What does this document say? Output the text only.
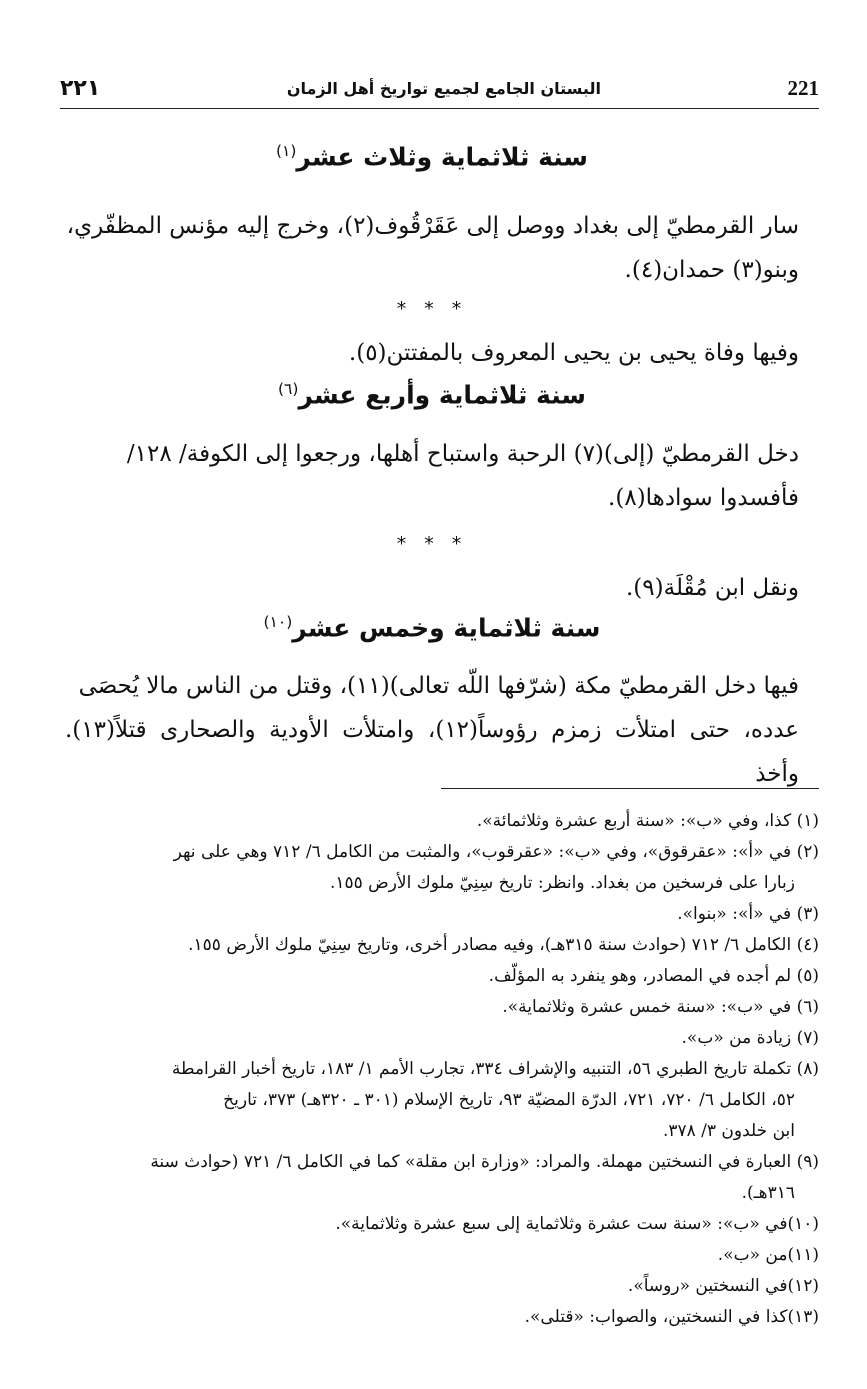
٢٢١	البستان الجامع لجميع تواريخ أهل الزمان	221
سنة ثلاثماية وثلاث عشر$^{(١)}$
سار القرمطيّ إلى بغداد ووصل إلى عَقَرْقُوف(٢)، وخرج إليه مؤنس المظفّري،
وبنو(٣) حمدان(٤).
* * *
وفيها وفاة يحيى بن يحيى المعروف بالمفتتن(٥).
سنة ثلاثماية وأربع عشر$^{(٦)}$
دخل القرمطيّ (إلى)(٧) الرحبة واستباح أهلها، ورجعوا إلى الكوفة/ ١٢٨/
فأفسدوا سوادها(٨).
* * *
ونقل ابن مُقْلَة(٩).
سنة ثلاثماية وخمس عشر$^{(١٠)}$
فيها دخل القرمطيّ مكة (شرّفها اللّه تعالى)(١١)، وقتل من الناس مالا يُحصَى
عدده، حتى امتلأت زمزم رؤوساً(١٢)، وامتلأت الأودية والصحارى قتلاً(١٣). وأخذ
(١) كذا، وفي «ب»: «سنة أربع عشرة وثلاثمائة».
(٢) في «أ»: «عقرقوق»، وفي «ب»: «عقرقوب»، والمثبت من الكامل ٦/ ٧١٢ وهي على نهر
زبارا على فرسخين من بغداد. وانظر: تاريخ سِنِيّ ملوك الأرض ١٥٥.
(٣) في «أ»: «بنوا».
(٤) الكامل ٦/ ٧١٢ (حوادث سنة ٣١٥هـ)، وفيه مصادر أخرى، وتاريخ سِنِيّ ملوك الأرض ١٥٥.
(٥) لم أجده في المصادر، وهو ينفرد به المؤلّف.
(٦) في «ب»: «سنة خمس عشرة وثلاثماية».
(٧) زيادة من «ب».
(٨) تكملة تاريخ الطبري ٥٦، التنبيه والإشراف ٣٣٤، تجارب الأمم ١/ ١٨٣، تاريخ أخبار القرامطة
٥٢، الكامل ٦/ ٧٢٠، ٧٢١، الدرّة المضيّة ٩٣، تاريخ الإسلام (٣٠١ ـ ٣٢٠هـ) ٣٧٣، تاريخ
ابن خلدون ٣/ ٣٧٨.
(٩) العبارة في النسختين مهملة. والمراد: «وزارة ابن مقلة» كما في الكامل ٦/ ٧٢١ (حوادث سنة
٣١٦هـ).
(١٠)في «ب»: «سنة ست عشرة وثلاثماية إلى سبع عشرة وثلاثماية».
(١١)من «ب».
(١٢)في النسختين «روساً».
(١٣)كذا في النسختين، والصواب: «قتلى».
